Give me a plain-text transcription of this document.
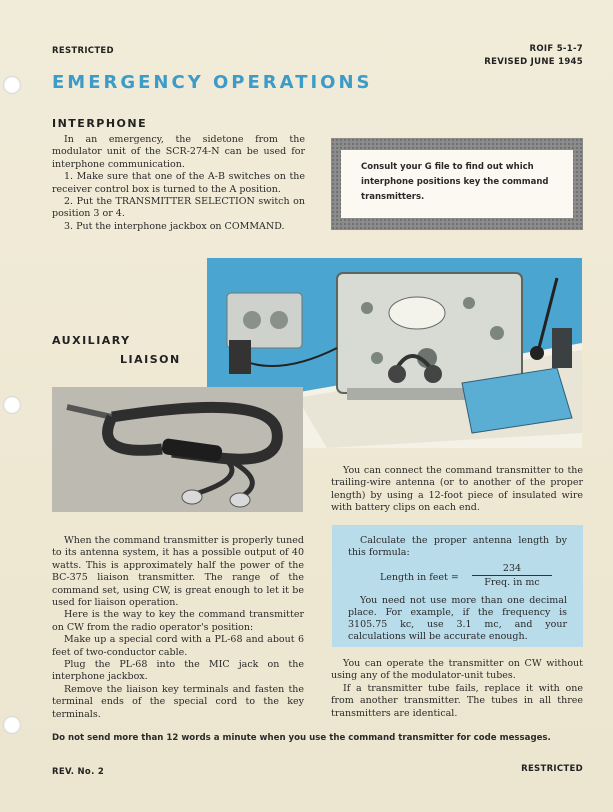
RESTRICTED	ROIF 5-1-7
REVISED JUNE 1945
EMERGENCY OPERATIONS
INTERPHONE

In an emergency, the sidetone from the modulator unit of the SCR-274-N can be used for interphone communication.

1. Make sure that one of the A-B switches on the receiver control box is turned to the A position.

2. Put the TRANSMITTER SELECTION switch on position 3 or 4.

3. Put the interphone jackbox on COMMAND.

Consult your G file to find out which interphone positions key the command transmitters.
AUXILIARY
LIAISON

You can connect the command transmitter to the trailing-wire antenna (or to another of the proper length) by using a 12-foot piece of insulated wire with battery clips on each end.

Calculate the proper antenna length by this formula:

Length in feet =
234
Freq. in mc

You need not use more than one decimal place. For example, if the frequency is 3105.75 kc, use 3.1 mc, and your calculations will be accurate enough.

When the command transmitter is properly tuned to its antenna system, it has a possible output of 40 watts. This is approximately half the power of the BC-375 liaison transmitter. The range of the command set, using CW, is great enough to let it be used for liaison operation.

Here is the way to key the command transmitter on CW from the radio operator's position:

Make up a special cord with a PL-68 and about 6 feet of two-conductor cable.

Plug the PL-68 into the MIC jack on the interphone jackbox.

Remove the liaison key terminals and fasten the terminal ends of the special cord to the key terminals.

You can operate the transmitter on CW without using any of the modulator-unit tubes.

If a transmitter tube fails, replace it with one from another transmitter. The tubes in all three transmitters are identical.

Do not send more than 12 words a minute when you use the command transmitter for code messages.
REV. No. 2	RESTRICTED
